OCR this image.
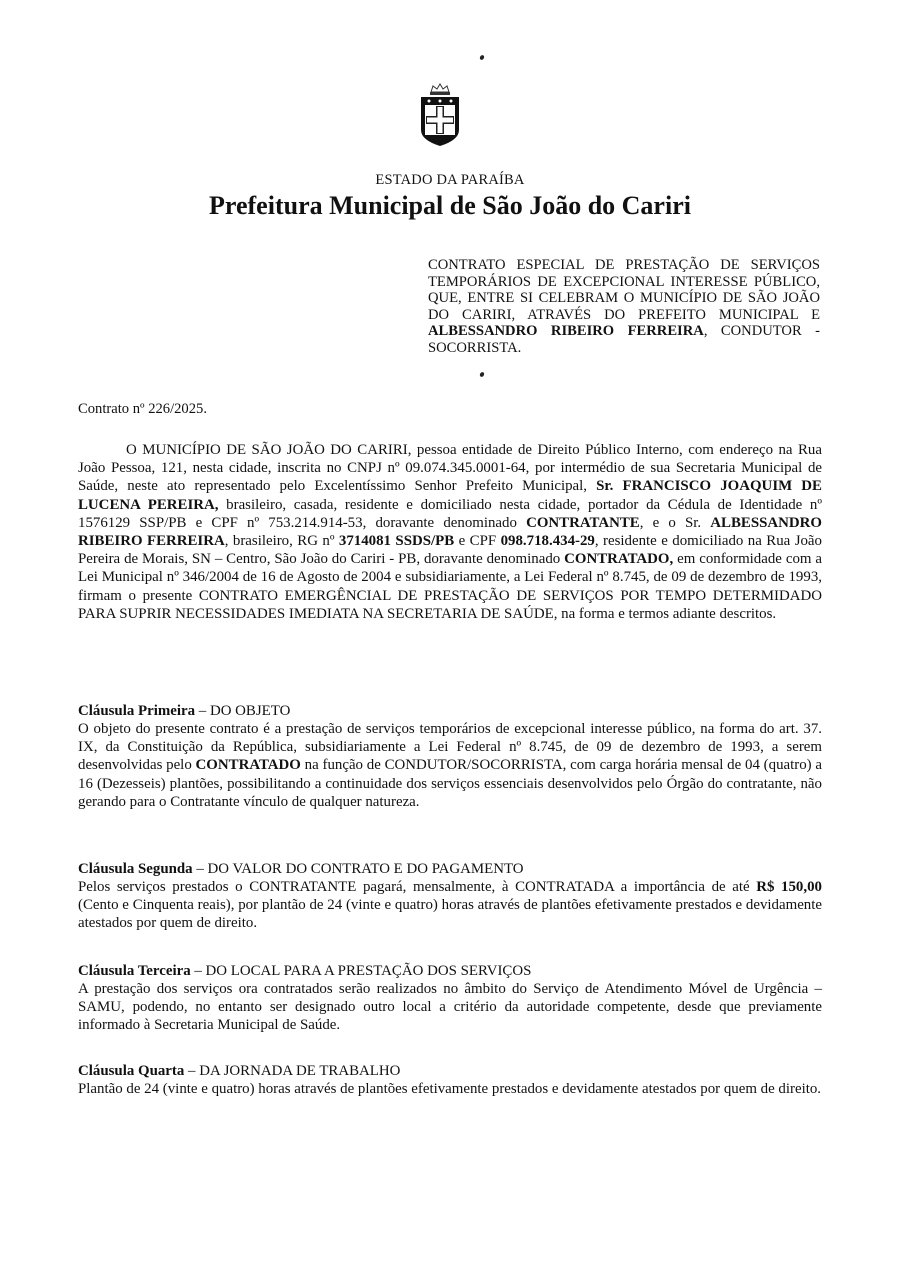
ESTADO DA PARAÍBA
Prefeitura Municipal de São João do Cariri
CONTRATO ESPECIAL DE PRESTAÇÃO DE SERVIÇOS TEMPORÁRIOS DE EXCEPCIONAL INTERESSE PÚBLICO, QUE, ENTRE SI CELEBRAM O MUNICÍPIO DE SÃO JOÃO DO CARIRI, ATRAVÉS DO PREFEITO MUNICIPAL E ALBESSANDRO RIBEIRO FERREIRA, CONDUTOR - SOCORRISTA.
Contrato nº 226/2025.
O MUNICÍPIO DE SÃO JOÃO DO CARIRI, pessoa entidade de Direito Público Interno, com endereço na Rua João Pessoa, 121, nesta cidade, inscrita no CNPJ nº 09.074.345.0001-64, por intermédio de sua Secretaria Municipal de Saúde, neste ato representado pelo Excelentíssimo Senhor Prefeito Municipal, Sr. FRANCISCO JOAQUIM DE LUCENA PEREIRA, brasileiro, casada, residente e domiciliado nesta cidade, portador da Cédula de Identidade nº 1576129 SSP/PB e CPF nº 753.214.914-53, doravante denominado CONTRATANTE, e o Sr. ALBESSANDRO RIBEIRO FERREIRA, brasileiro, RG nº 3714081 SSDS/PB e CPF 098.718.434-29, residente e domiciliado na Rua João Pereira de Morais, SN – Centro, São João do Cariri - PB, doravante denominado CONTRATADO, em conformidade com a Lei Municipal nº 346/2004 de 16 de Agosto de 2004 e subsidiariamente, a Lei Federal nº 8.745, de 09 de dezembro de 1993, firmam o presente CONTRATO EMERGÊNCIAL DE PRESTAÇÃO DE SERVIÇOS POR TEMPO DETERMIDADO PARA SUPRIR NECESSIDADES IMEDIATA NA SECRETARIA DE SAÚDE, na forma e termos adiante descritos.
Cláusula Primeira – DO OBJETO
O objeto do presente contrato é a prestação de serviços temporários de excepcional interesse público, na forma do art. 37. IX, da Constituição da República, subsidiariamente a Lei Federal nº 8.745, de 09 de dezembro de 1993, a serem desenvolvidas pelo CONTRATADO na função de CONDUTOR/SOCORRISTA, com carga horária mensal de 04 (quatro) a 16 (Dezesseis) plantões, possibilitando a continuidade dos serviços essenciais desenvolvidos pelo Órgão do contratante, não gerando para o Contratante vínculo de qualquer natureza.
Cláusula Segunda – DO VALOR DO CONTRATO E DO PAGAMENTO
Pelos serviços prestados o CONTRATANTE pagará, mensalmente, à CONTRATADA a importância de até R$ 150,00 (Cento e Cinquenta reais), por plantão de 24 (vinte e quatro) horas através de plantões efetivamente prestados e devidamente atestados por quem de direito.
Cláusula Terceira – DO LOCAL PARA A PRESTAÇÃO DOS SERVIÇOS
A prestação dos serviços ora contratados serão realizados no âmbito do Serviço de Atendimento Móvel de Urgência – SAMU, podendo, no entanto ser designado outro local a critério da autoridade competente, desde que previamente informado à Secretaria Municipal de Saúde.
Cláusula Quarta – DA JORNADA DE TRABALHO
Plantão de 24 (vinte e quatro) horas através de plantões efetivamente prestados e devidamente atestados por quem de direito.
